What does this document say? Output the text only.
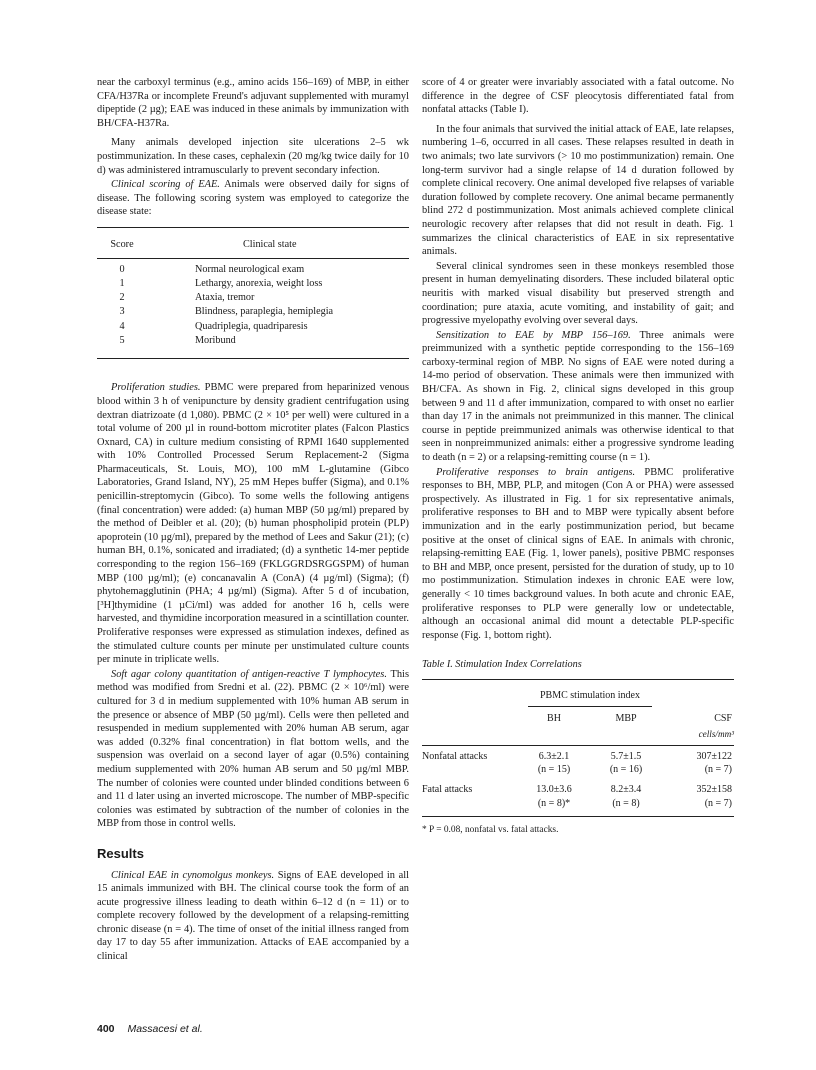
near the carboxyl terminus (e.g., amino acids 156–169) of MBP, in either CFA/H37Ra or incomplete Freund's adjuvant supplemented with muramyl dipeptide (2 µg); EAE was induced in these animals by immunization with BH/CFA-H37Ra.

Many animals developed injection site ulcerations 2–5 wk postimmunization. In these cases, cephalexin (20 mg/kg twice daily for 10 d) was administered intramuscularly to prevent secondary infection.

Clinical scoring of EAE. Animals were observed daily for signs of disease. The following scoring system was employed to categorize the disease state:

Score	Clinical state
0	Normal neurological exam
1	Lethargy, anorexia, weight loss
2	Ataxia, tremor
3	Blindness, paraplegia, hemiplegia
4	Quadriplegia, quadriparesis
5	Moribund

Proliferation studies. PBMC were prepared from heparinized venous blood within 3 h of venipuncture by density gradient centrifugation using dextran diatrizoate (d 1,080). PBMC (2 × 10⁵ per well) were cultured in a total volume of 200 µl in round-bottom microtiter plates (Falcon Plastics Oxnard, CA) in culture medium consisting of RPMI 1640 supplemented with 10% Controlled Processed Serum Replacement-2 (Sigma Pharmaceuticals, St. Louis, MO), 100 mM L-glutamine (Gibco Laboratories, Grand Island, NY), 25 mM Hepes buffer (Sigma), and 0.1% penicillin-streptomycin (Gibco). To some wells the following antigens (final concentration) were added: (a) human MBP (50 µg/ml) prepared by the method of Deibler et al. (20); (b) human phospholipid protein (PLP) apoprotein (10 µg/ml), prepared by the method of Lees and Sakur (21); (c) human BH, 0.1%, sonicated and irradiated; (d) a synthetic 14-mer peptide corresponding to the region 156–169 (FKLGGRDSRGGSPM) of human MBP (100 µg/ml); (e) concanavalin A (ConA) (4 µg/ml) (Sigma); (f) phytohemagglutinin (PHA; 4 µg/ml) (Sigma). After 5 d of incubation, [³H]thymidine (1 µCi/ml) was added for another 16 h, cells were harvested, and thymidine incorporation measured in a scintillation counter. Proliferative responses were expressed as stimulation indexes, defined as the stimulated culture counts per minute per unstimulated culture counts per minute in triplicate wells.

Soft agar colony quantitation of antigen-reactive T lymphocytes. This method was modified from Sredni et al. (22). PBMC (2 × 10⁶/ml) were cultured for 3 d in medium supplemented with 10% human AB serum in the presence or absence of MBP (50 µg/ml). Cells were then pelleted and resuspended in medium supplemented with 20% human AB serum, agar was added (0.32% final concentration) in flat bottom wells, and the suspension was overlaid on a second layer of agar (0.5%) containing medium supplemented with 20% human AB serum and 50 µg/ml MBP. The number of colonies were counted under blinded conditions between 6 and 11 d later using an inverted microscope. The number of MBP-specific colonies was estimated by subtraction of the number of colonies in the MBP from those in control wells.

Results

Clinical EAE in cynomolgus monkeys. Signs of EAE developed in all 15 animals immunized with BH. The clinical course took the form of an acute progressive illness leading to death within 6–12 d (n = 11) or to complete recovery followed by the development of a relapsing-remitting chronic disease (n = 4). The time of onset of the initial illness ranged from day 17 to day 55 after immunization. Attacks of EAE accompanied by a clinical

score of 4 or greater were invariably associated with a fatal outcome. No difference in the degree of CSF pleocytosis differentiated fatal from nonfatal attacks (Table I).

In the four animals that survived the initial attack of EAE, late relapses, numbering 1–6, occurred in all cases. These relapses resulted in death in two animals; two late survivors (> 10 mo postimmunization) remain. One long-term survivor had a single relapse of 14 d duration followed by complete clinical recovery. One animal developed five relapses of variable duration followed by complete recovery. One animal became permanently blind 272 d postimmunization. Most animals achieved complete clinical neurologic recovery after relapses that did not result in death. Fig. 1 summarizes the clinical characteristics of EAE in six representative animals.

Several clinical syndromes seen in these monkeys resembled those present in human demyelinating disorders. These included bilateral optic neuritis with marked visual disability but preserved strength and coordination; pure ataxia, acute vomiting, and instability of gait; and progressive myelopathy evolving over several days.

Sensitization to EAE by MBP 156–169. Three animals were preimmunized with a synthetic peptide corresponding to the 156–169 carboxy-terminal region of MBP. No signs of EAE were noted during a 14-mo period of observation. These animals were then immunized with BH/CFA. As shown in Fig. 2, clinical signs developed in this group between 9 and 11 d after immunization, compared to with onset no earlier than day 17 in the animals not preimmunized in this manner. The clinical course in peptide preimmunized animals was otherwise identical to that seen in nonpreimmunized animals: either a progressive syndrome leading to death (n = 2) or a relapsing-remitting course (n = 1).

Proliferative responses to brain antigens. PBMC proliferative responses to BH, MBP, PLP, and mitogen (Con A or PHA) were assessed prospectively. As illustrated in Fig. 1 for six representative animals, proliferative responses to BH and to MBP were typically absent before immunization and in the early postimmunization period, but became positive at the onset of clinical signs of EAE. In animals with chronic, relapsing-remitting EAE (Fig. 1, lower panels), positive PBMC responses to BH and MBP, once present, persisted for the duration of study, up to 10 mo postimmunization. Stimulation indexes in chronic EAE were low, generally < 10 times background values. In both acute and chronic EAE, proliferative responses to PLP were generally low or undetectable, although an occasional animal did mount a detectable PLP-specific response (Fig. 1, bottom right).

Table I. Stimulation Index Correlations
	PBMC stimulation index	

	BH	MBP	CSF
			cells/mm³
Nonfatal attacks	6.3±2.1	5.7±1.5	307±122
	(n = 15)	(n = 16)	(n = 7)
Fatal attacks	13.0±3.6	8.2±3.4	352±158
	(n = 8)*	(n = 8)	(n = 7)
* P = 0.08, nonfatal vs. fatal attacks.
400 Massacesi et al.
